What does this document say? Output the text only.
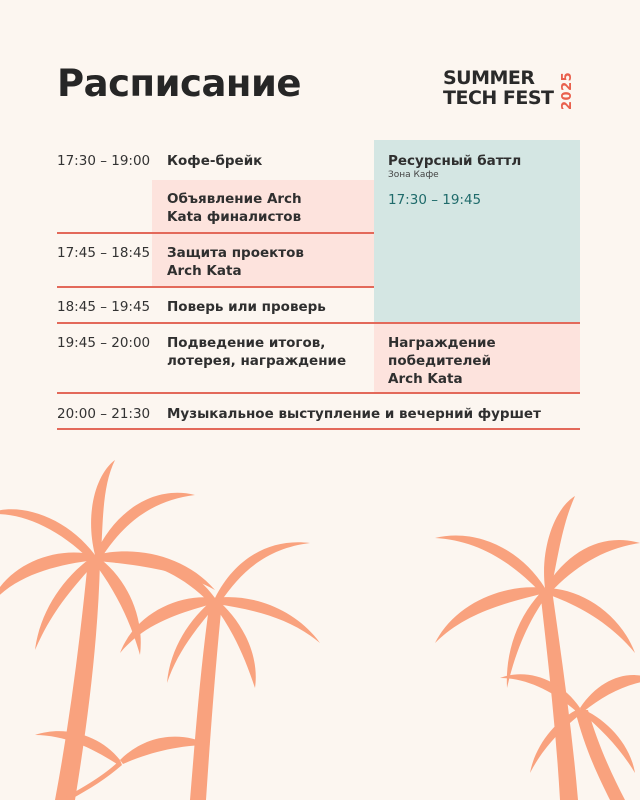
Расписание	SUMMER
TECH FEST 2025
17:30 – 19:00 Кофе-брейк
Объявление Arch
Kata финалистов
17:45 – 18:45 Защита проектов
Arch Kata
18:45 – 19:45 Поверь или проверь
Ресурсный баттл
Зона Кафе
17:30 – 19:45
19:45 – 20:00 Подведение итогов,
лотерея, награждение
Награждение
победителей
Arch Kata
20:00 – 21:30 Музыкальное выступление и вечерний фуршет
